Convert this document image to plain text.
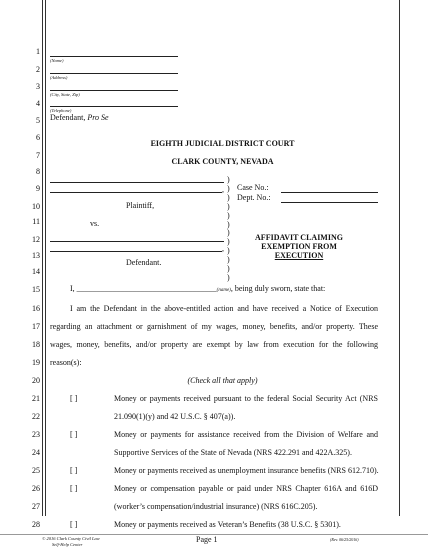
1
2
3
4
5
6
7
8
9
10
11
12
13
14
15
16
17
18
19
20
21
22
23
24
25
26
27
28
(Name)
(Address)
(City, State, Zip)
(Telephone)
Defendant, Pro Se
EIGHTH JUDICIAL DISTRICT COURT
CLARK COUNTY, NEVADA
,
Plaintiff,
vs.
,
Defendant.
)
)
)
)
)
)
)
)
)
)
)
)
Case No.:
Dept. No.:
AFFIDAVIT CLAIMING
EXEMPTION FROM
EXECUTION
I, ___________________________________(name), being duly sworn, state that:
I am the Defendant in the above-entitled action and have received a Notice of Execution
regarding an attachment or garnishment of my wages, money, benefits, and/or property. These
wages, money, benefits, and/or property are exempt by law from execution for the following
reason(s):
(Check all that apply)
[ ]	Money or payments received pursuant to the federal Social Security Act (NRS
21.090(1)(y) and 42 U.S.C. § 407(a)).
[ ]	Money or payments for assistance received from the Division of Welfare and
Supportive Services of the State of Nevada (NRS 422.291 and 422A.325).
[ ]	Money or payments received as unemployment insurance benefits (NRS 612.710).
[ ]	Money or compensation payable or paid under NRS Chapter 616A and 616D
(worker’s compensation/industrial insurance) (NRS 616C.205).
[ ]	Money or payments received as Veteran’s Benefits (38 U.S.C. § 5301).
© 2016 Clark County Civil Law
Self-Help Center
Page 1	(Rev. 06/25/2016)
